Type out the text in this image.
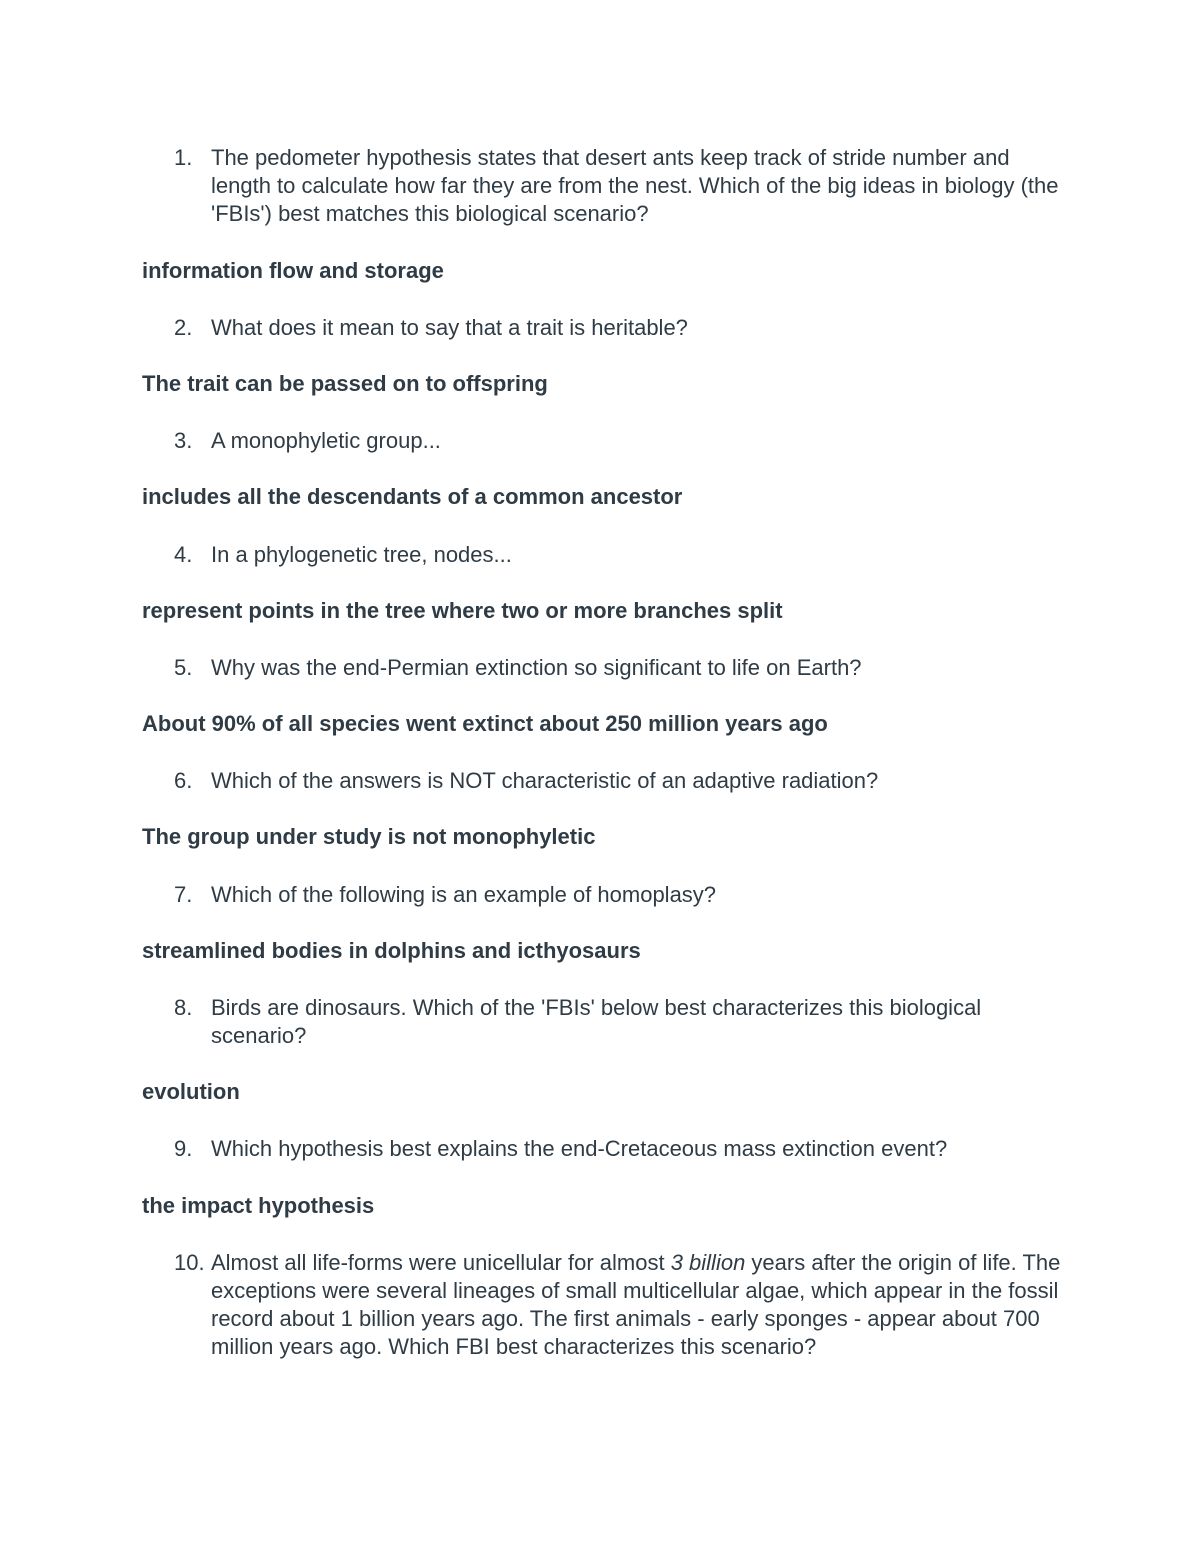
1. The pedometer hypothesis states that desert ants keep track of stride number and length to calculate how far they are from the nest. Which of the big ideas in biology (the 'FBIs') best matches this biological scenario?
information flow and storage
2. What does it mean to say that a trait is heritable?
The trait can be passed on to offspring
3. A monophyletic group...
includes all the descendants of a common ancestor
4. In a phylogenetic tree, nodes...
represent points in the tree where two or more branches split
5. Why was the end-Permian extinction so significant to life on Earth?
About 90% of all species went extinct about 250 million years ago
6. Which of the answers is NOT characteristic of an adaptive radiation?
The group under study is not monophyletic
7. Which of the following is an example of homoplasy?
streamlined bodies in dolphins and icthyosaurs
8. Birds are dinosaurs. Which of the 'FBIs' below best characterizes this biological scenario?
evolution
9. Which hypothesis best explains the end-Cretaceous mass extinction event?
the impact hypothesis
10. Almost all life-forms were unicellular for almost 3 billion years after the origin of life. The exceptions were several lineages of small multicellular algae, which appear in the fossil record about 1 billion years ago. The first animals - early sponges - appear about 700 million years ago. Which FBI best characterizes this scenario?
